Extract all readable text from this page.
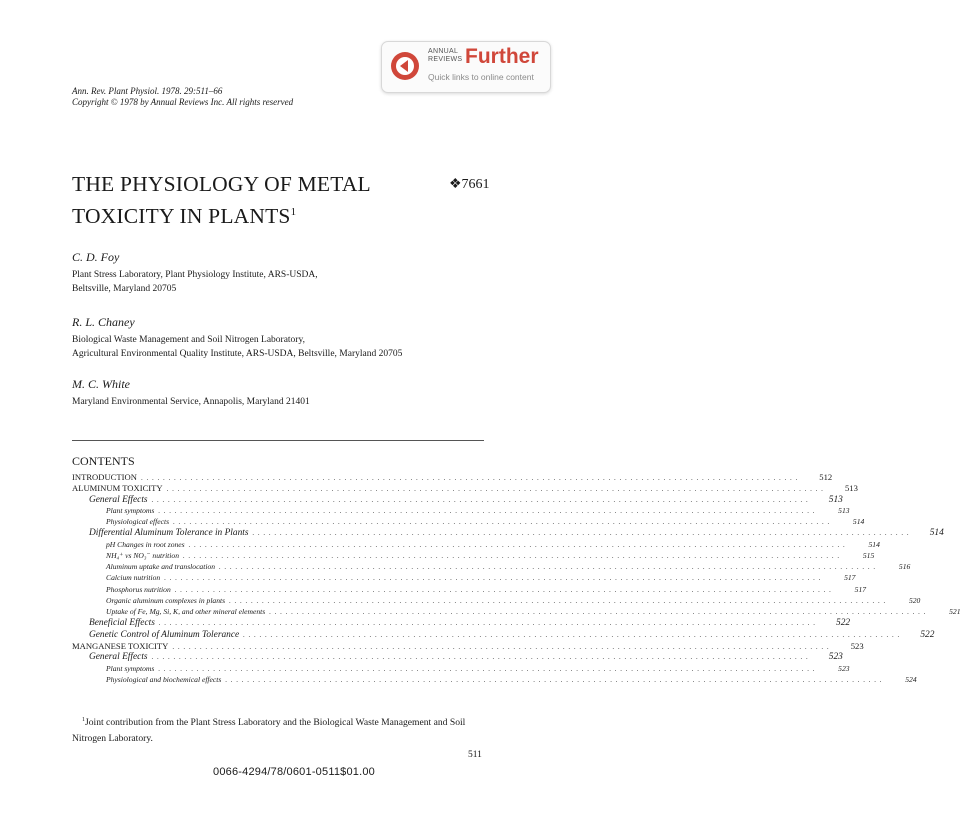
ANNUAL
REVIEWS Further
Quick links to online content
Ann. Rev. Plant Physiol. 1978. 29:511–66
Copyright © 1978 by Annual Reviews Inc. All rights reserved
THE PHYSIOLOGY OF METAL
TOXICITY IN PLANTS$^1$
❖7661
C. D. Foy
Plant Stress Laboratory, Plant Physiology Institute, ARS-USDA,
Beltsville, Maryland 20705
R. L. Chaney
Biological Waste Management and Soil Nitrogen Laboratory,
Agricultural Environmental Quality Institute, ARS-USDA, Beltsville, Maryland 20705
M. C. White
Maryland Environmental Service, Annapolis, Maryland 21401
CONTENTS
INTRODUCTION . . . . . . . . . . . . . . . . . . . . . . . . . . . . . . . . . . . . . . . . . . . . . . . . . . . . . . . . . . . . . . . . . . . . . . . . . . . . . . . . . . . . . . . . . . . . . . . . . . . . . . . . . . . . . . . . . . . . . . . .	512
ALUMINUM TOXICITY . . . . . . . . . . . . . . . . . . . . . . . . . . . . . . . . . . . . . . . . . . . . . . . . . . . . . . . . . . . . . . . . . . . . . . . . . . . . . . . . . . . . . . . . . . . . . . . . . . . . . . . . . . . . . . . . . . . . . . . .	513
General Effects . . . . . . . . . . . . . . . . . . . . . . . . . . . . . . . . . . . . . . . . . . . . . . . . . . . . . . . . . . . . . . . . . . . . . . . . . . . . . . . . . . . . . . . . . . . . . . . . . . . . . . . . . . . . . . . . . . . . . . . .	513
Plant symptoms . . . . . . . . . . . . . . . . . . . . . . . . . . . . . . . . . . . . . . . . . . . . . . . . . . . . . . . . . . . . . . . . . . . . . . . . . . . . . . . . . . . . . . . . . . . . . . . . . . . . . . . . . . . . . . . . . . . . . . . .	513
Physiological effects . . . . . . . . . . . . . . . . . . . . . . . . . . . . . . . . . . . . . . . . . . . . . . . . . . . . . . . . . . . . . . . . . . . . . . . . . . . . . . . . . . . . . . . . . . . . . . . . . . . . . . . . . . . . . . . . . . . . . . . .	514
Differential Aluminum Tolerance in Plants . . . . . . . . . . . . . . . . . . . . . . . . . . . . . . . . . . . . . . . . . . . . . . . . . . . . . . . . . . . . . . . . . . . . . . . . . . . . . . . . . . . . . . . . . . . . . . . . . . . . . . . . . . . . . . . . . . . . . . . .	514
pH Changes in root zones . . . . . . . . . . . . . . . . . . . . . . . . . . . . . . . . . . . . . . . . . . . . . . . . . . . . . . . . . . . . . . . . . . . . . . . . . . . . . . . . . . . . . . . . . . . . . . . . . . . . . . . . . . . . . . . . . . . . . . . .	514
NH₄⁺ vs NO₃⁻ nutrition . . . . . . . . . . . . . . . . . . . . . . . . . . . . . . . . . . . . . . . . . . . . . . . . . . . . . . . . . . . . . . . . . . . . . . . . . . . . . . . . . . . . . . . . . . . . . . . . . . . . . . . . . . . . . . . . . . . . . . . .	515
Aluminum uptake and translocation . . . . . . . . . . . . . . . . . . . . . . . . . . . . . . . . . . . . . . . . . . . . . . . . . . . . . . . . . . . . . . . . . . . . . . . . . . . . . . . . . . . . . . . . . . . . . . . . . . . . . . . . . . . . . . . . . . . . . . . .	516
Calcium nutrition . . . . . . . . . . . . . . . . . . . . . . . . . . . . . . . . . . . . . . . . . . . . . . . . . . . . . . . . . . . . . . . . . . . . . . . . . . . . . . . . . . . . . . . . . . . . . . . . . . . . . . . . . . . . . . . . . . . . . . . .	517
Phosphorus nutrition . . . . . . . . . . . . . . . . . . . . . . . . . . . . . . . . . . . . . . . . . . . . . . . . . . . . . . . . . . . . . . . . . . . . . . . . . . . . . . . . . . . . . . . . . . . . . . . . . . . . . . . . . . . . . . . . . . . . . . . .	517
Organic aluminum complexes in plants . . . . . . . . . . . . . . . . . . . . . . . . . . . . . . . . . . . . . . . . . . . . . . . . . . . . . . . . . . . . . . . . . . . . . . . . . . . . . . . . . . . . . . . . . . . . . . . . . . . . . . . . . . . . . . . . . . . . . . . .	520
Uptake of Fe, Mg, Si, K, and other mineral elements . . . . . . . . . . . . . . . . . . . . . . . . . . . . . . . . . . . . . . . . . . . . . . . . . . . . . . . . . . . . . . . . . . . . . . . . . . . . . . . . . . . . . . . . . . . . . . . . . . . . . . . . . . . . . . . . . . . . . . . .	521
Beneficial Effects . . . . . . . . . . . . . . . . . . . . . . . . . . . . . . . . . . . . . . . . . . . . . . . . . . . . . . . . . . . . . . . . . . . . . . . . . . . . . . . . . . . . . . . . . . . . . . . . . . . . . . . . . . . . . . . . . . . . . . . .	522
Genetic Control of Aluminum Tolerance . . . . . . . . . . . . . . . . . . . . . . . . . . . . . . . . . . . . . . . . . . . . . . . . . . . . . . . . . . . . . . . . . . . . . . . . . . . . . . . . . . . . . . . . . . . . . . . . . . . . . . . . . . . . . . . . . . . . . . . .	522
MANGANESE TOXICITY . . . . . . . . . . . . . . . . . . . . . . . . . . . . . . . . . . . . . . . . . . . . . . . . . . . . . . . . . . . . . . . . . . . . . . . . . . . . . . . . . . . . . . . . . . . . . . . . . . . . . . . . . . . . . . . . . . . . . . . .	523
General Effects . . . . . . . . . . . . . . . . . . . . . . . . . . . . . . . . . . . . . . . . . . . . . . . . . . . . . . . . . . . . . . . . . . . . . . . . . . . . . . . . . . . . . . . . . . . . . . . . . . . . . . . . . . . . . . . . . . . . . . . .	523
Plant symptoms . . . . . . . . . . . . . . . . . . . . . . . . . . . . . . . . . . . . . . . . . . . . . . . . . . . . . . . . . . . . . . . . . . . . . . . . . . . . . . . . . . . . . . . . . . . . . . . . . . . . . . . . . . . . . . . . . . . . . . . .	523
Physiological and biochemical effects . . . . . . . . . . . . . . . . . . . . . . . . . . . . . . . . . . . . . . . . . . . . . . . . . . . . . . . . . . . . . . . . . . . . . . . . . . . . . . . . . . . . . . . . . . . . . . . . . . . . . . . . . . . . . . . . . . . . . . . .	524
$^1$Joint contribution from the Plant Stress Laboratory and the Biological Waste Management and Soil Nitrogen Laboratory.
511
0066-4294/78/0601-0511$01.00
